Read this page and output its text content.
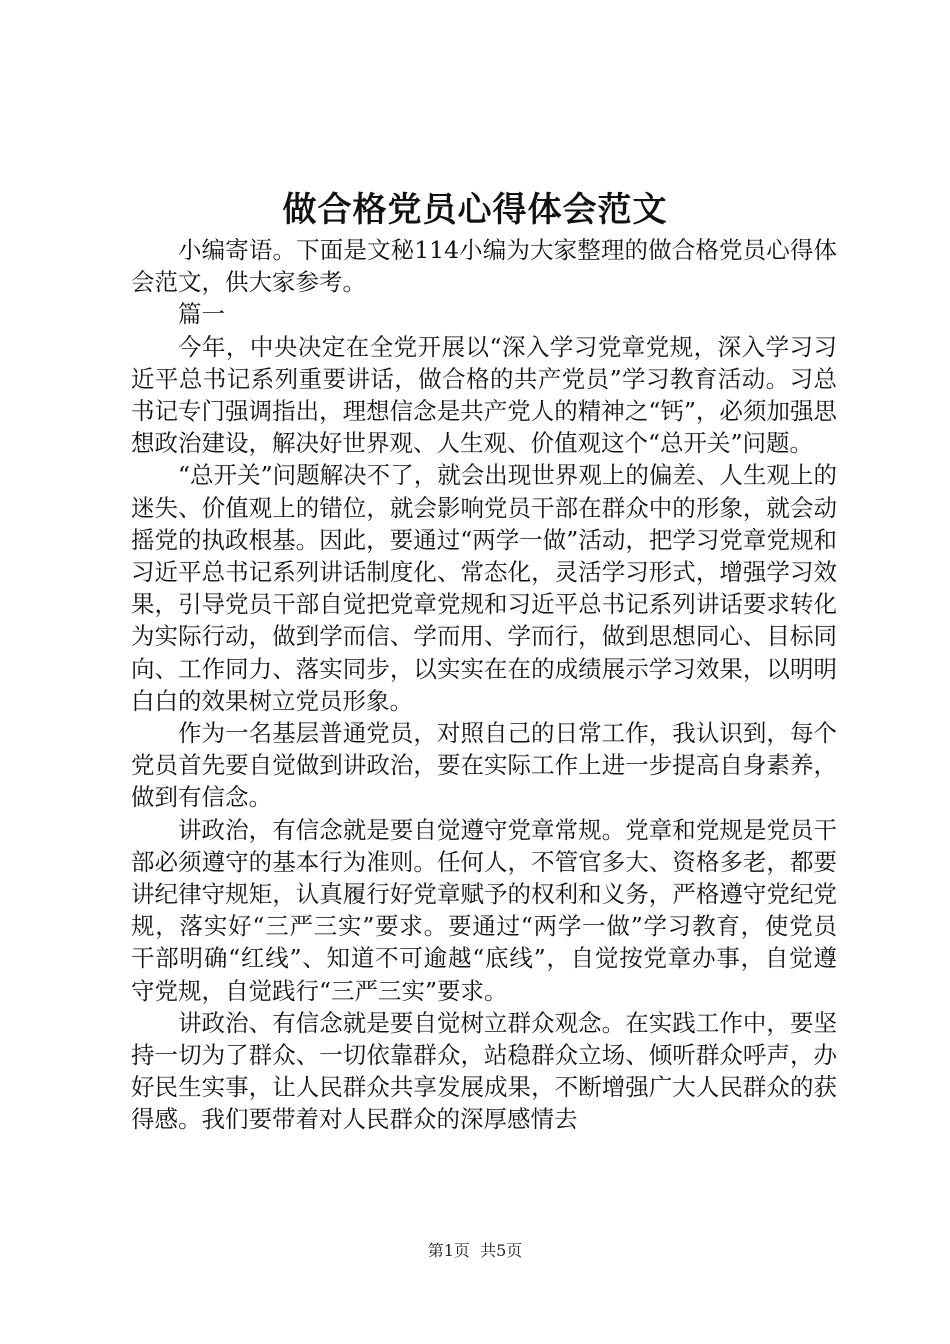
做合格党员心得体会范文

小编寄语。下面是文秘114小编为大家整理的做合格党员心得体会范文，供大家参考。

篇一

今年，中央决定在全党开展以“深入学习党章党规，深入学习习近平总书记系列重要讲话，做合格的共产党员”学习教育活动。习总书记专门强调指出，理想信念是共产党人的精神之“钙”，必须加强思想政治建设，解决好世界观、人生观、价值观这个“总开关”问题。

“总开关”问题解决不了，就会出现世界观上的偏差、人生观上的迷失、价值观上的错位，就会影响党员干部在群众中的形象，就会动摇党的执政根基。因此，要通过“两学一做”活动，把学习党章党规和习近平总书记系列讲话制度化、常态化，灵活学习形式，增强学习效果，引导党员干部自觉把党章党规和习近平总书记系列讲话要求转化为实际行动，做到学而信、学而用、学而行，做到思想同心、目标同向、工作同力、落实同步，以实实在在的成绩展示学习效果，以明明白白的效果树立党员形象。

作为一名基层普通党员，对照自己的日常工作，我认识到，每个党员首先要自觉做到讲政治，要在实际工作上进一步提高自身素养，做到有信念。

讲政治，有信念就是要自觉遵守党章常规。党章和党规是党员干部必须遵守的基本行为准则。任何人，不管官多大、资格多老，都要讲纪律守规矩，认真履行好党章赋予的权利和义务，严格遵守党纪党规，落实好“三严三实”要求。要通过“两学一做”学习教育，使党员干部明确“红线”、知道不可逾越“底线”，自觉按党章办事，自觉遵守党规，自觉践行“三严三实”要求。

讲政治、有信念就是要自觉树立群众观念。在实践工作中，要坚持一切为了群众、一切依靠群众，站稳群众立场、倾听群众呼声，办好民生实事，让人民群众共享发展成果，不断增强广大人民群众的获得感。我们要带着对人民群众的深厚感情去

第1页 共5页
